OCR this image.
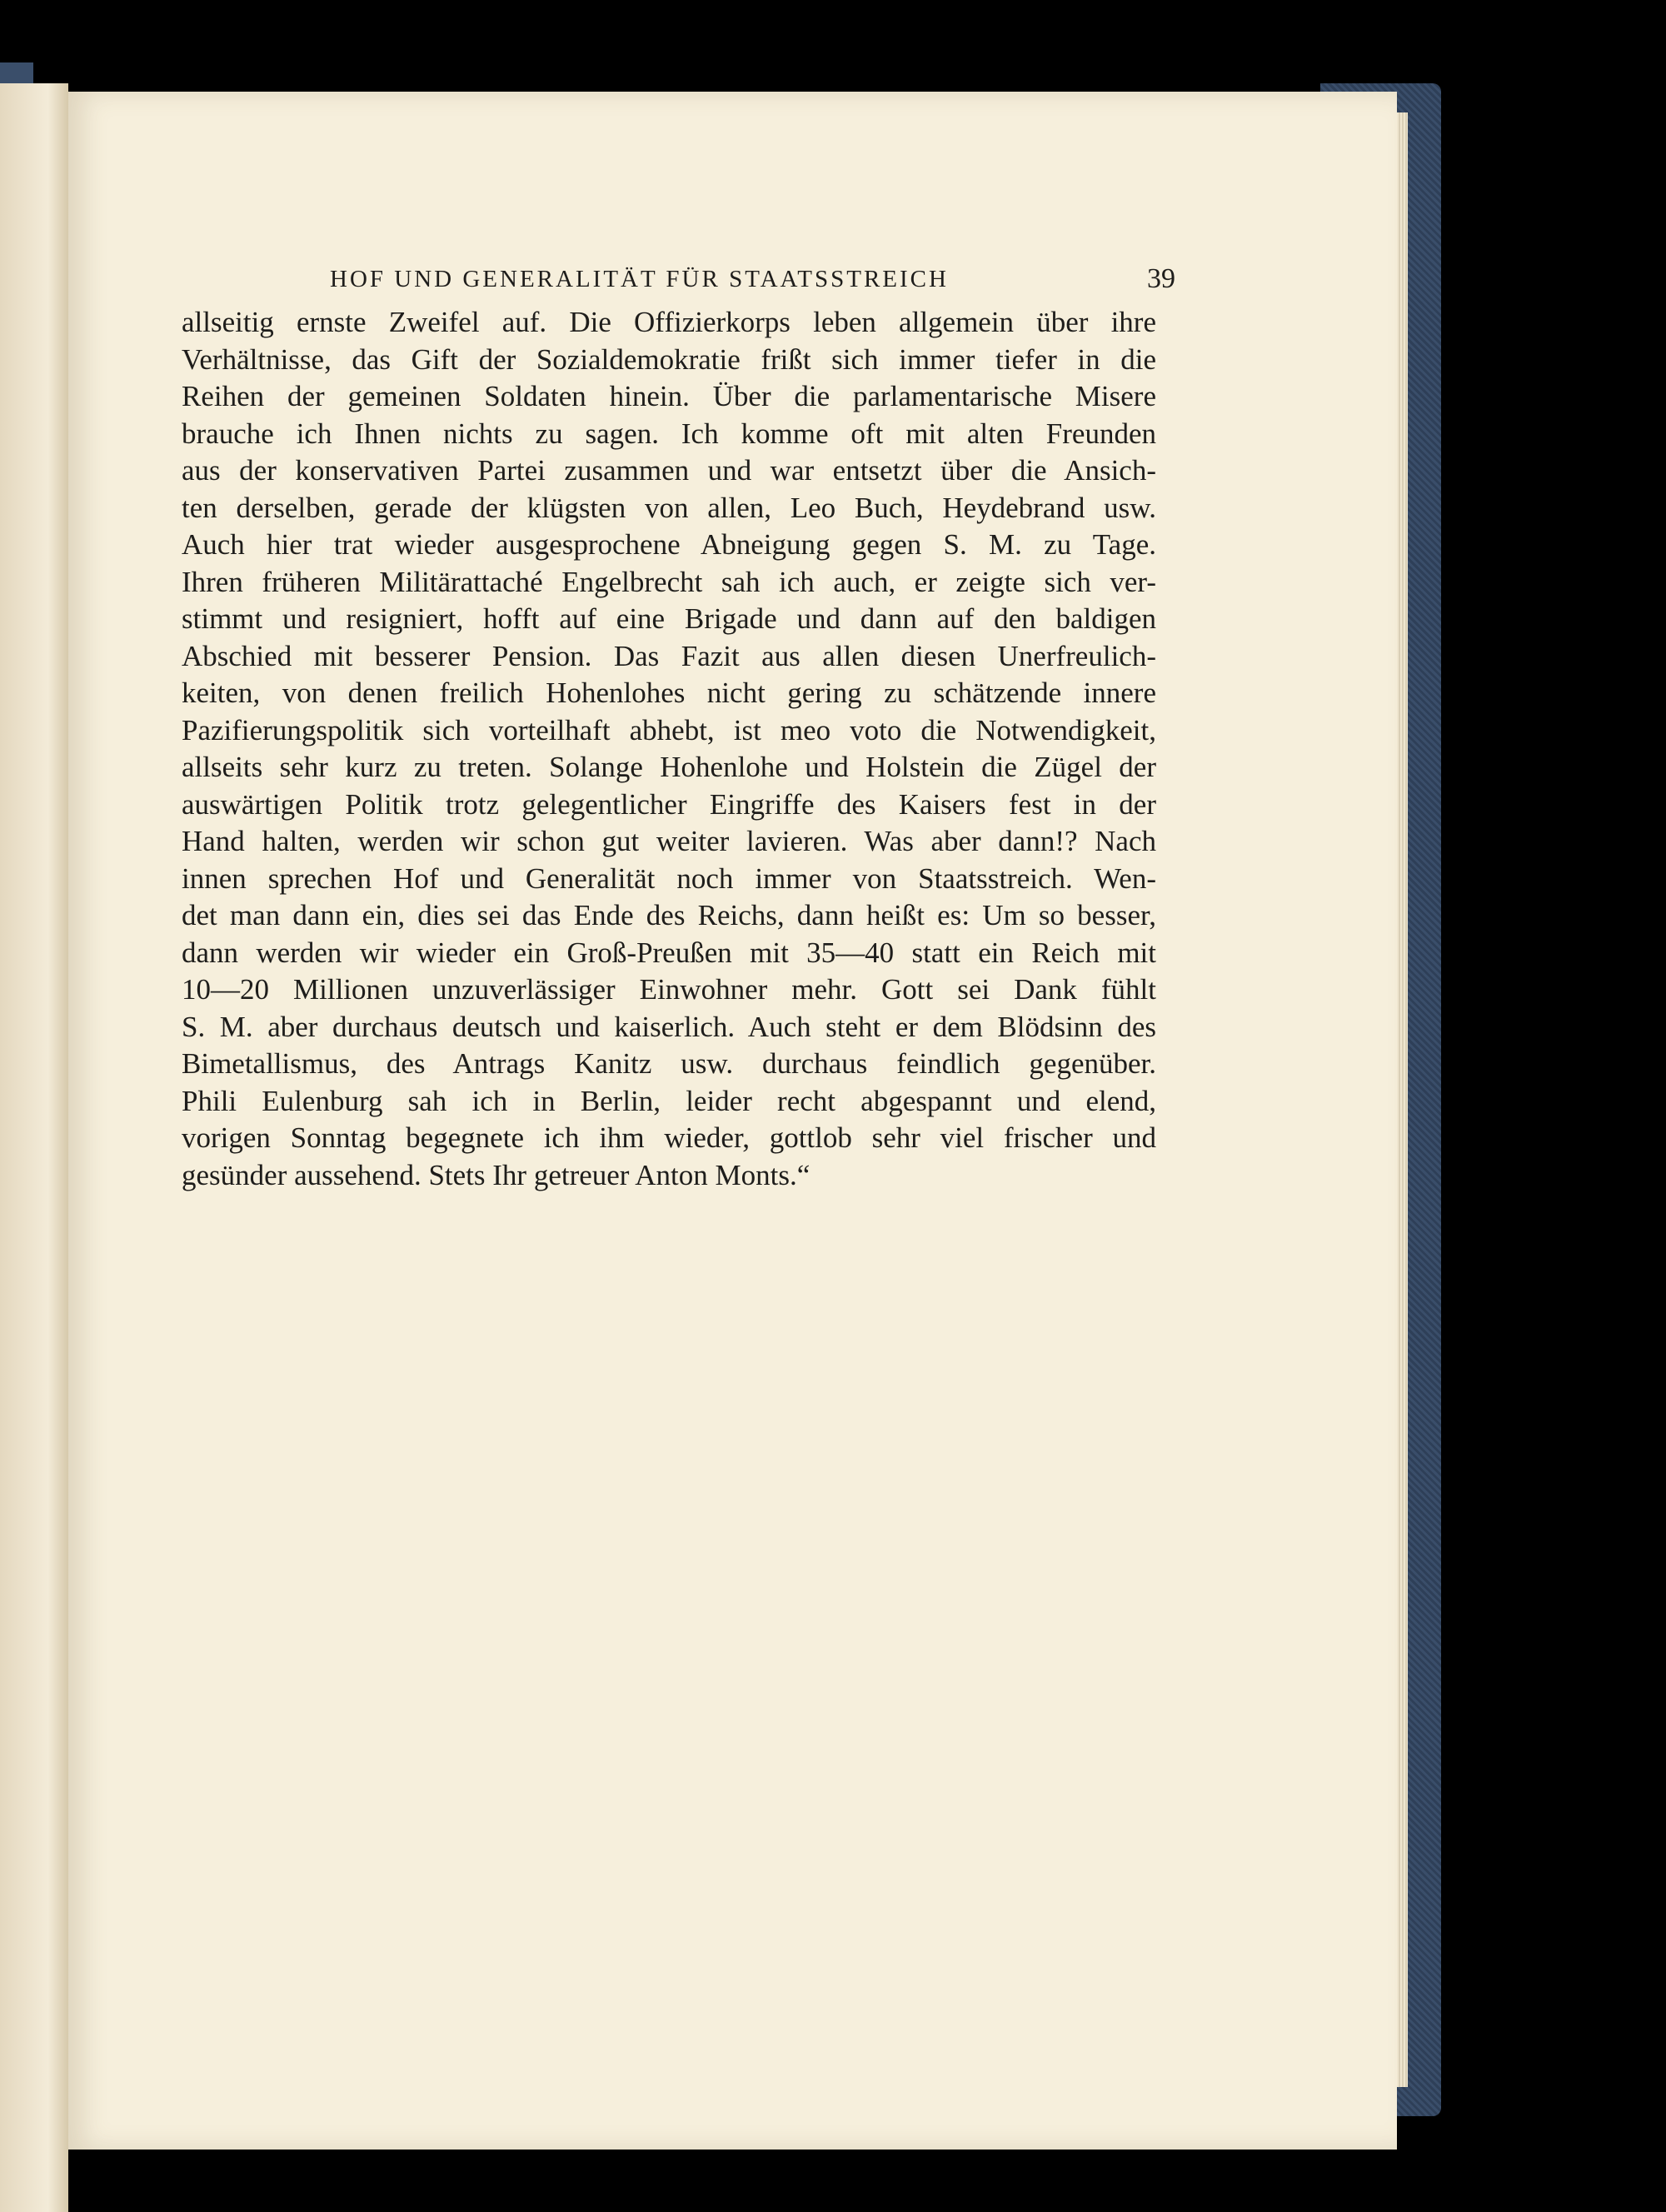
HOF UND GENERALITÄT FÜR STAATSSTREICH	39
allseitig ernste Zweifel auf. Die Offizierkorps leben allgemein über ihre
Verhältnisse, das Gift der Sozialdemokratie frißt sich immer tiefer in die
Reihen der gemeinen Soldaten hinein. Über die parlamentarische Misere
brauche ich Ihnen nichts zu sagen. Ich komme oft mit alten Freunden
aus der konservativen Partei zusammen und war entsetzt über die Ansich-
ten derselben, gerade der klügsten von allen, Leo Buch, Heydebrand usw.
Auch hier trat wieder ausgesprochene Abneigung gegen S. M. zu Tage.
Ihren früheren Militärattaché Engelbrecht sah ich auch, er zeigte sich ver-
stimmt und resigniert, hofft auf eine Brigade und dann auf den baldigen
Abschied mit besserer Pension. Das Fazit aus allen diesen Unerfreulich-
keiten, von denen freilich Hohenlohes nicht gering zu schätzende innere
Pazifierungspolitik sich vorteilhaft abhebt, ist meo voto die Notwendigkeit,
allseits sehr kurz zu treten. Solange Hohenlohe und Holstein die Zügel der
auswärtigen Politik trotz gelegentlicher Eingriffe des Kaisers fest in der
Hand halten, werden wir schon gut weiter lavieren. Was aber dann!? Nach
innen sprechen Hof und Generalität noch immer von Staatsstreich. Wen-
det man dann ein, dies sei das Ende des Reichs, dann heißt es: Um so besser,
dann werden wir wieder ein Groß-Preußen mit 35—40 statt ein Reich mit
10—20 Millionen unzuverlässiger Einwohner mehr. Gott sei Dank fühlt
S. M. aber durchaus deutsch und kaiserlich. Auch steht er dem Blödsinn des
Bimetallismus, des Antrags Kanitz usw. durchaus feindlich gegenüber.
Phili Eulenburg sah ich in Berlin, leider recht abgespannt und elend,
vorigen Sonntag begegnete ich ihm wieder, gottlob sehr viel frischer und
gesünder aussehend. Stets Ihr getreuer Anton Monts.“
